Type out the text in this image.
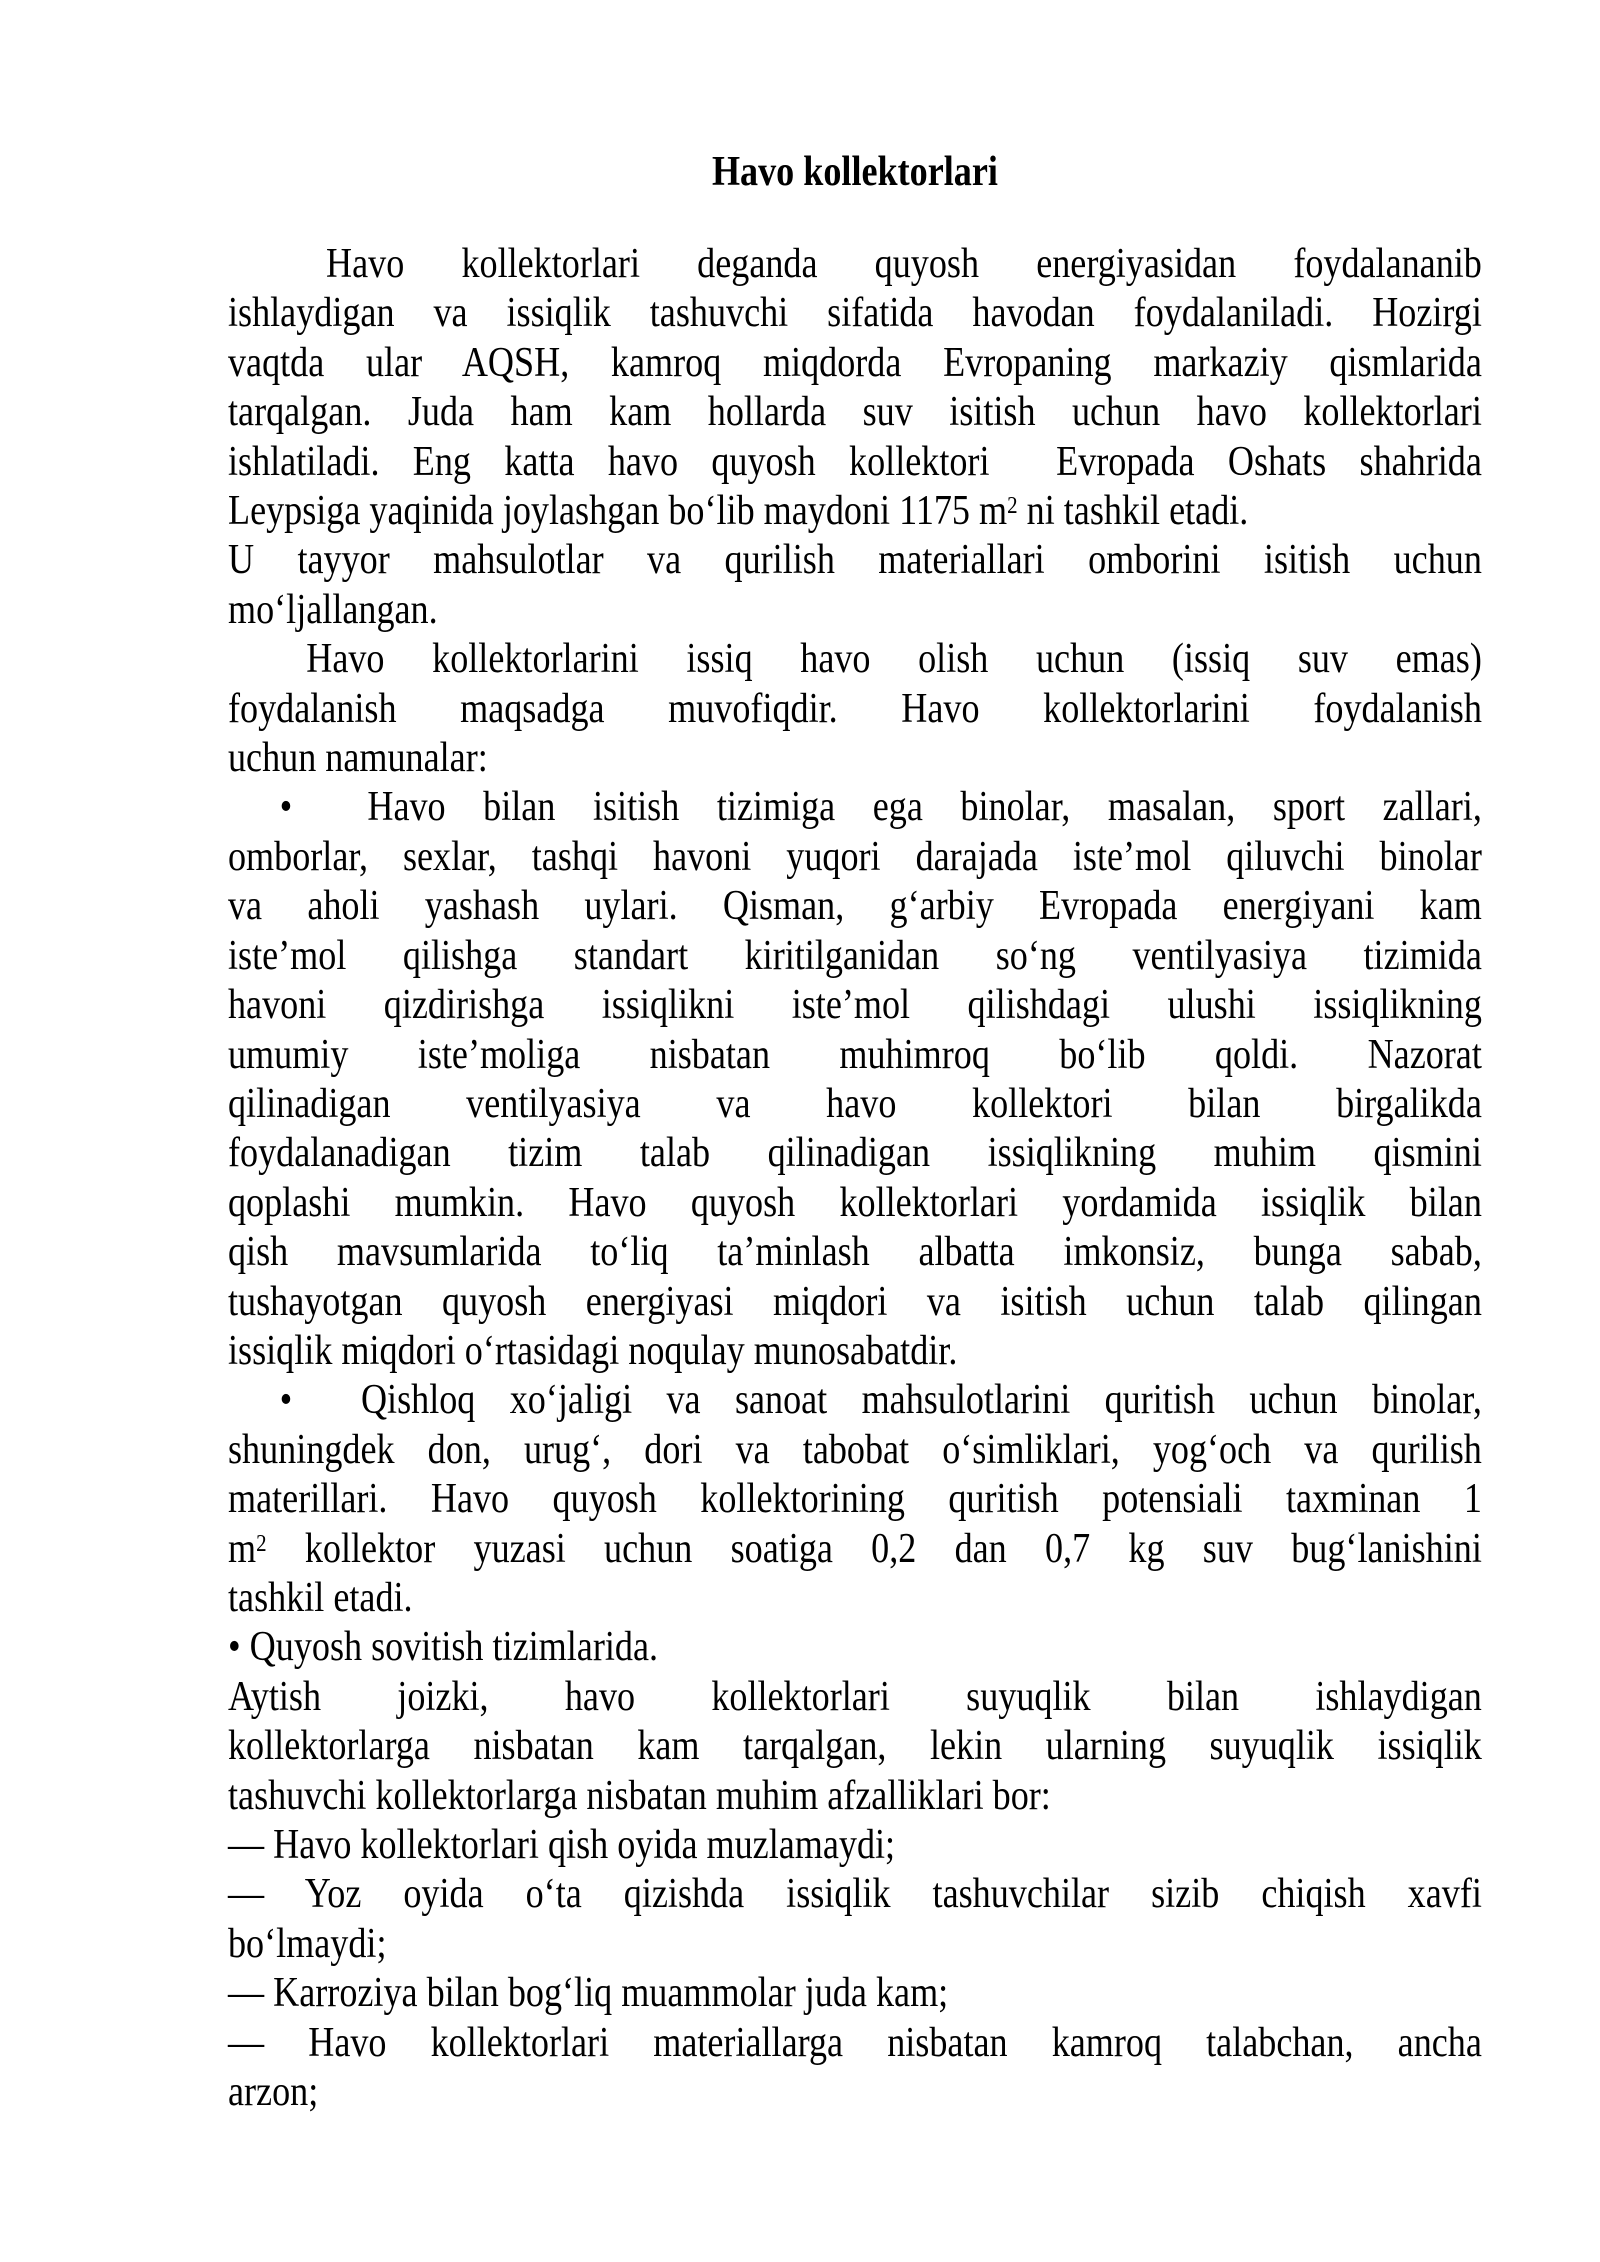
Havo kollektorlari
Havo kollektorlari deganda quyosh energiyasidan foydalananib
ishlaydigan va issiqlik tashuvchi sifatida havodan foydalaniladi. Hozirgi
vaqtda ular AQSH, kamroq miqdorda Evropaning markaziy qismlarida
tarqalgan. Juda ham kam hollarda suv isitish uchun havo kollektorlari
ishlatiladi. Eng katta havo quyosh kollektori  Evropada Oshats shahrida
Leypsiga yaqinida joylashgan boʻlib maydoni 1175 $m^2$ ni tashkil etadi.
U tayyor mahsulotlar va qurilish materiallari omborini isitish uchun
moʻljallangan.
Havo kollektorlarini issiq havo olish uchun (issiq suv emas)
foydalanish maqsadga muvofiqdir. Havo kollektorlarini foydalanish
uchun namunalar:
•  Havo bilan isitish tizimiga ega binolar, masalan, sport zallari,
omborlar, sexlar, tashqi havoni yuqori darajada iste’mol qiluvchi binolar
va aholi yashash uylari. Qisman, gʻarbiy Evropada energiyani kam
iste’mol qilishga standart kiritilganidan soʻng ventilyasiya tizimida
havoni qizdirishga issiqlikni iste’mol qilishdagi ulushi issiqlikning
umumiy iste’moliga nisbatan muhimroq boʻlib qoldi. Nazorat
qilinadigan ventilyasiya va havo kollektori bilan birgalikda
foydalanadigan tizim talab qilinadigan issiqlikning muhim qismini
qoplashi mumkin. Havo quyosh kollektorlari yordamida issiqlik bilan
qish mavsumlarida toʻliq ta’minlash albatta imkonsiz, bunga sabab,
tushayotgan quyosh energiyasi miqdori va isitish uchun talab qilingan
issiqlik miqdori oʻrtasidagi noqulay munosabatdir.
•  Qishloq xoʻjaligi va sanoat mahsulotlarini quritish uchun binolar,
shuningdek don, urugʻ, dori va tabobat oʻsimliklari, yogʻoch va qurilish
materillari. Havo quyosh kollektorining quritish potensiali taxminan 1
$m^2$ kollektor yuzasi uchun soatiga 0,2 dan 0,7 kg suv bugʻlanishini
tashkil etadi.
• Quyosh sovitish tizimlarida.
Aytish joizki, havo kollektorlari suyuqlik bilan ishlaydigan
kollektorlarga nisbatan kam tarqalgan, lekin ularning suyuqlik issiqlik
tashuvchi kollektorlarga nisbatan muhim afzalliklari bor:
— Havo kollektorlari qish oyida muzlamaydi;
— Yoz oyida oʻta qizishda issiqlik tashuvchilar sizib chiqish xavfi
boʻlmaydi;
— Karroziya bilan bogʻliq muammolar juda kam;
— Havo kollektorlari materiallarga nisbatan kamroq talabchan, ancha
arzon;
